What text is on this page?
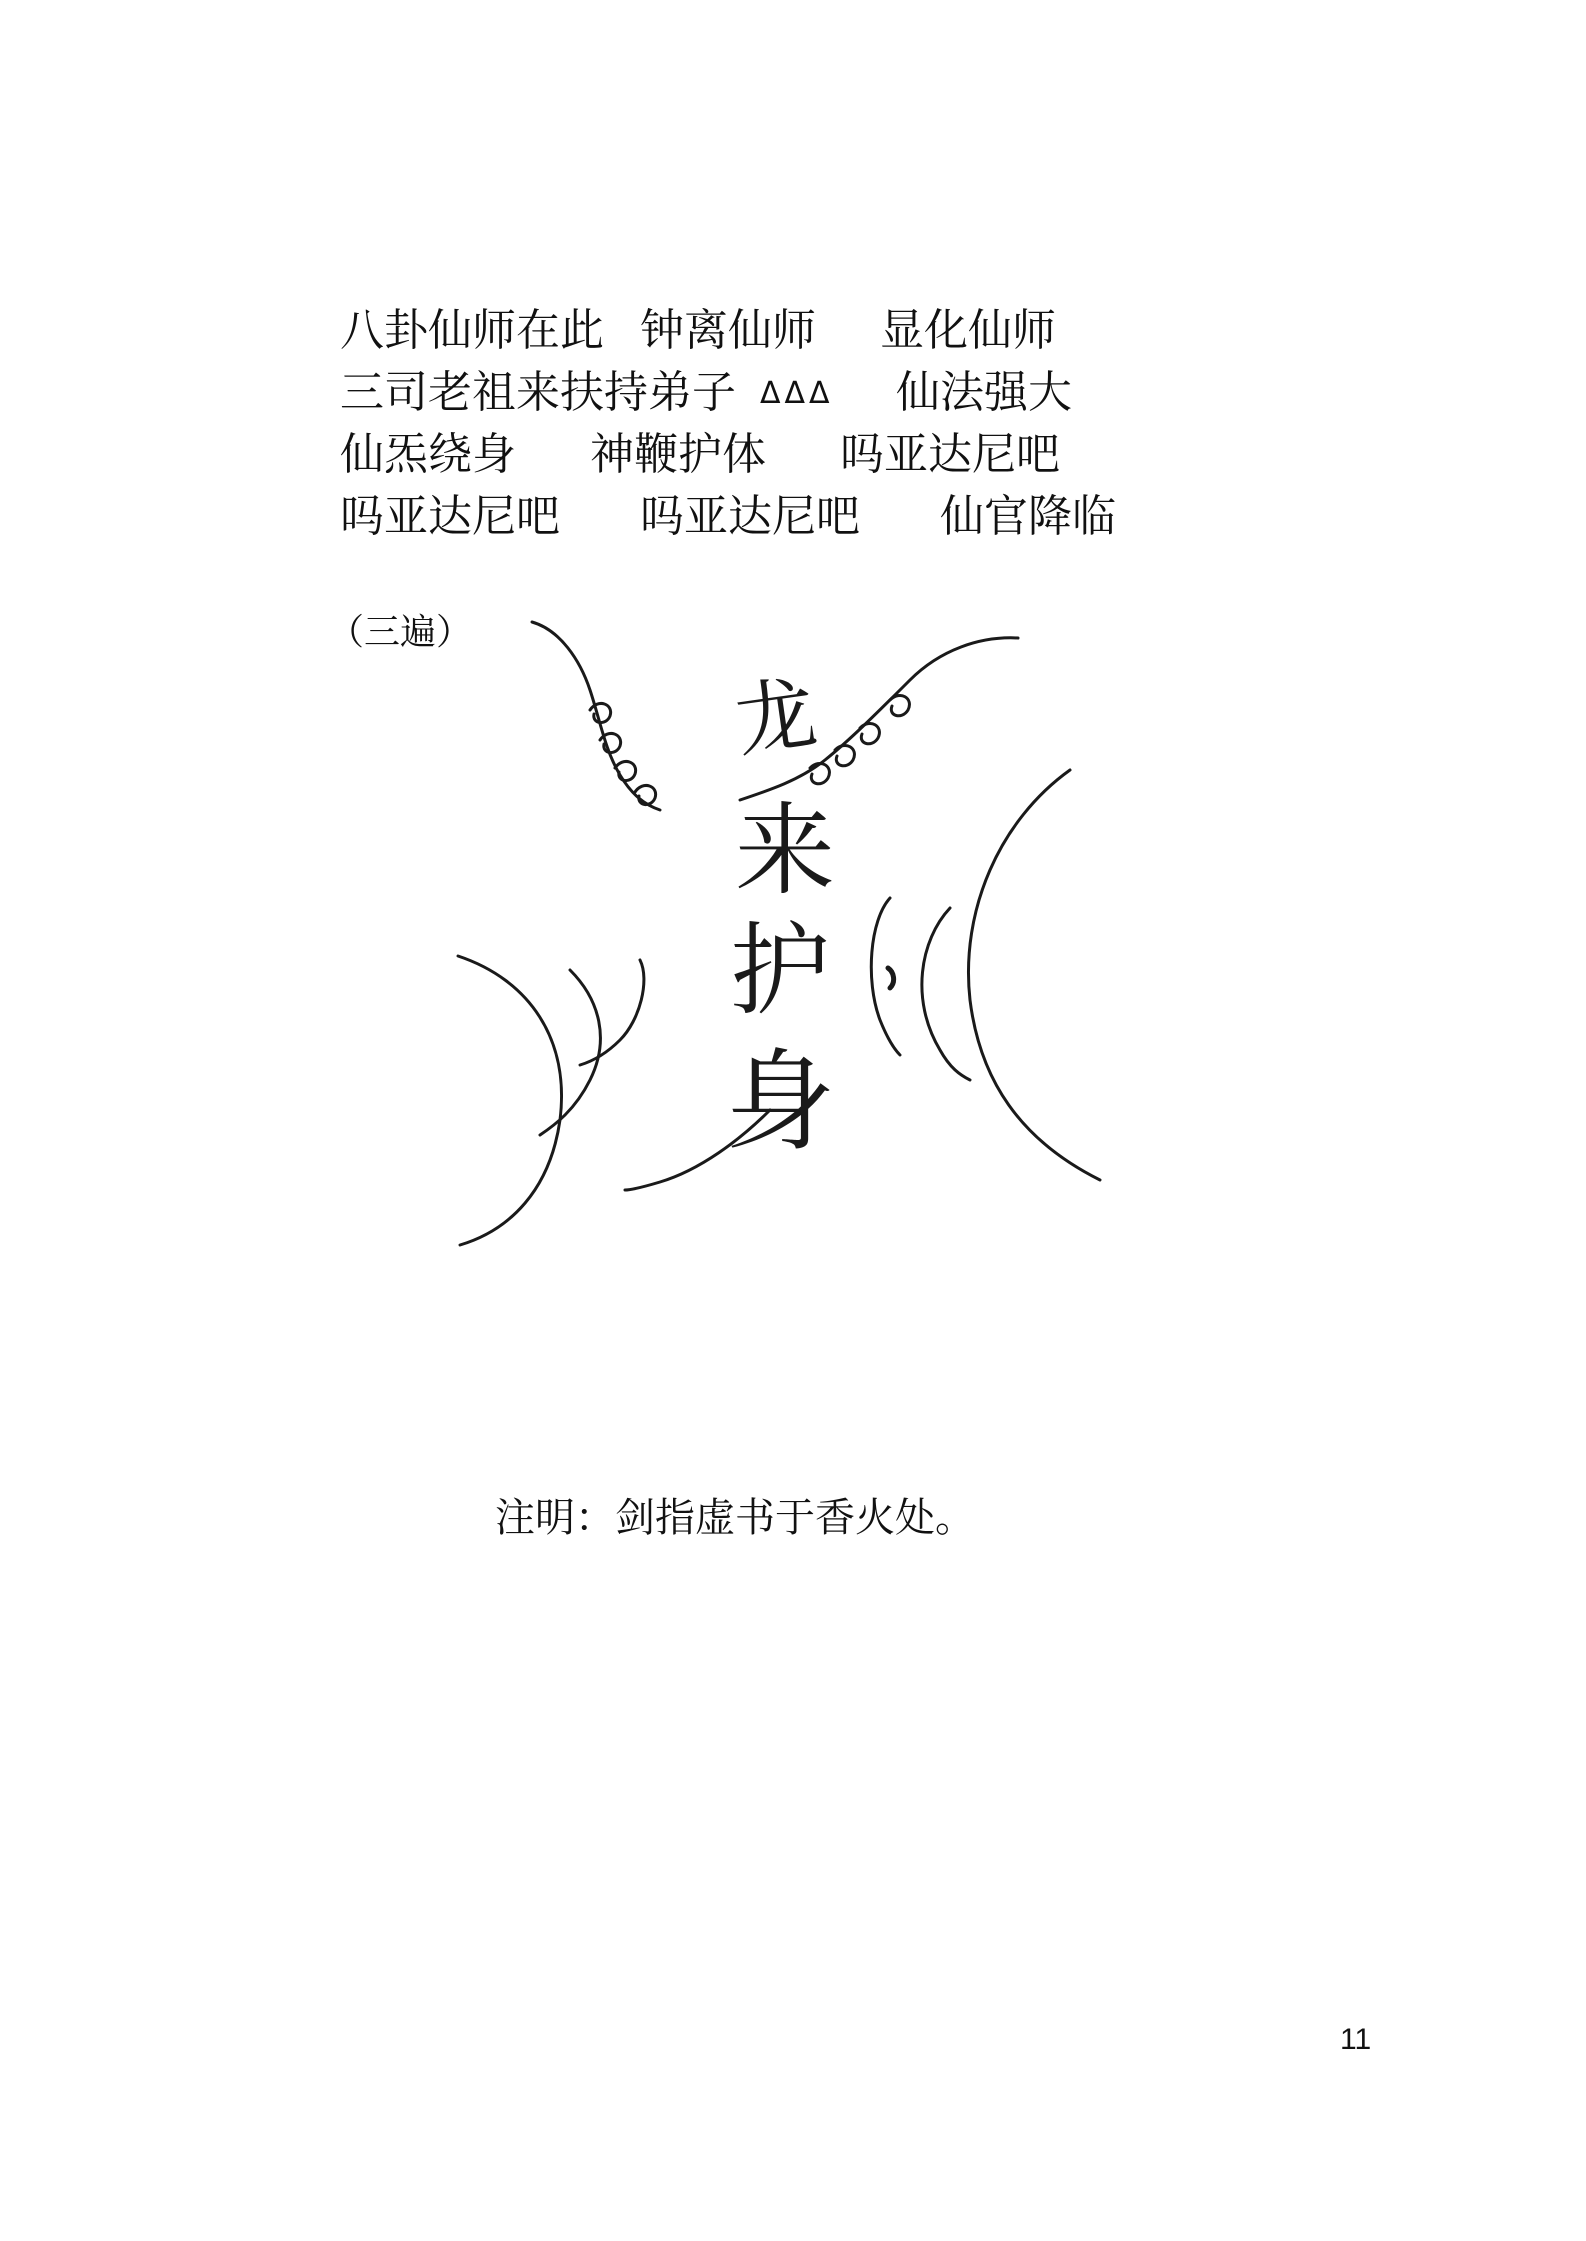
八卦仙师在此 钟离仙师 显化仙师
三司老祖来扶持弟子 ΔΔΔ 仙法强大
仙炁绕身 神鞭护体 吗亚达尼吧
吗亚达尼吧 吗亚达尼吧 仙官降临
（三遍）
龙
来
护
身
注明：剑指虚书于香火处。
11
